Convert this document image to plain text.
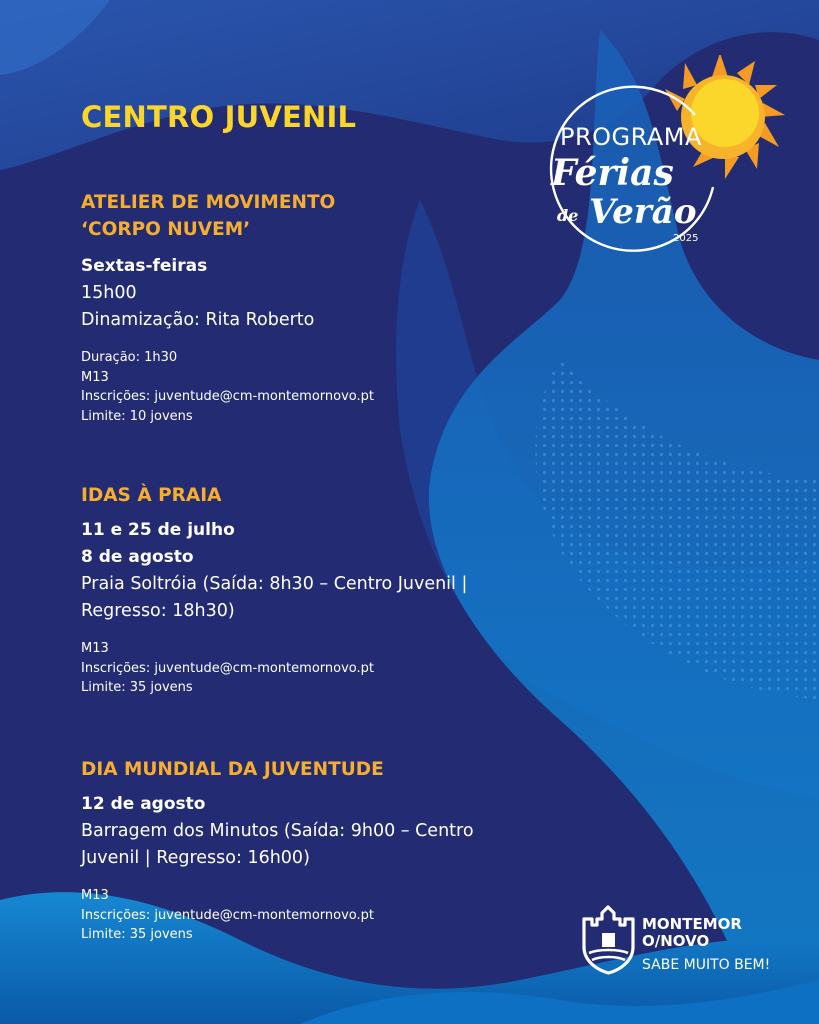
CENTRO JUVENIL
ATELIER DE MOVIMENTO
‘CORPO NUVEM’
Sextas-feiras
15h00
Dinamização: Rita Roberto
Duração: 1h30
M13
Inscrições: juventude@cm-montemornovo.pt
Limite: 10 jovens
IDAS À PRAIA
11 e 25 de julho
8 de agosto
Praia Soltróia (Saída: 8h30 – Centro Juvenil |
Regresso: 18h30)
M13
Inscrições: juventude@cm-montemornovo.pt
Limite: 35 jovens
DIA MUNDIAL DA JUVENTUDE
12 de agosto
Barragem dos Minutos (Saída: 9h00 – Centro
Juvenil | Regresso: 16h00)
M13
Inscrições: juventude@cm-montemornovo.pt
Limite: 35 jovens
PROGRAMA
Férias
de Verão
2025
MONTEMOR
O/NOVO
SABE MUITO BEM!
